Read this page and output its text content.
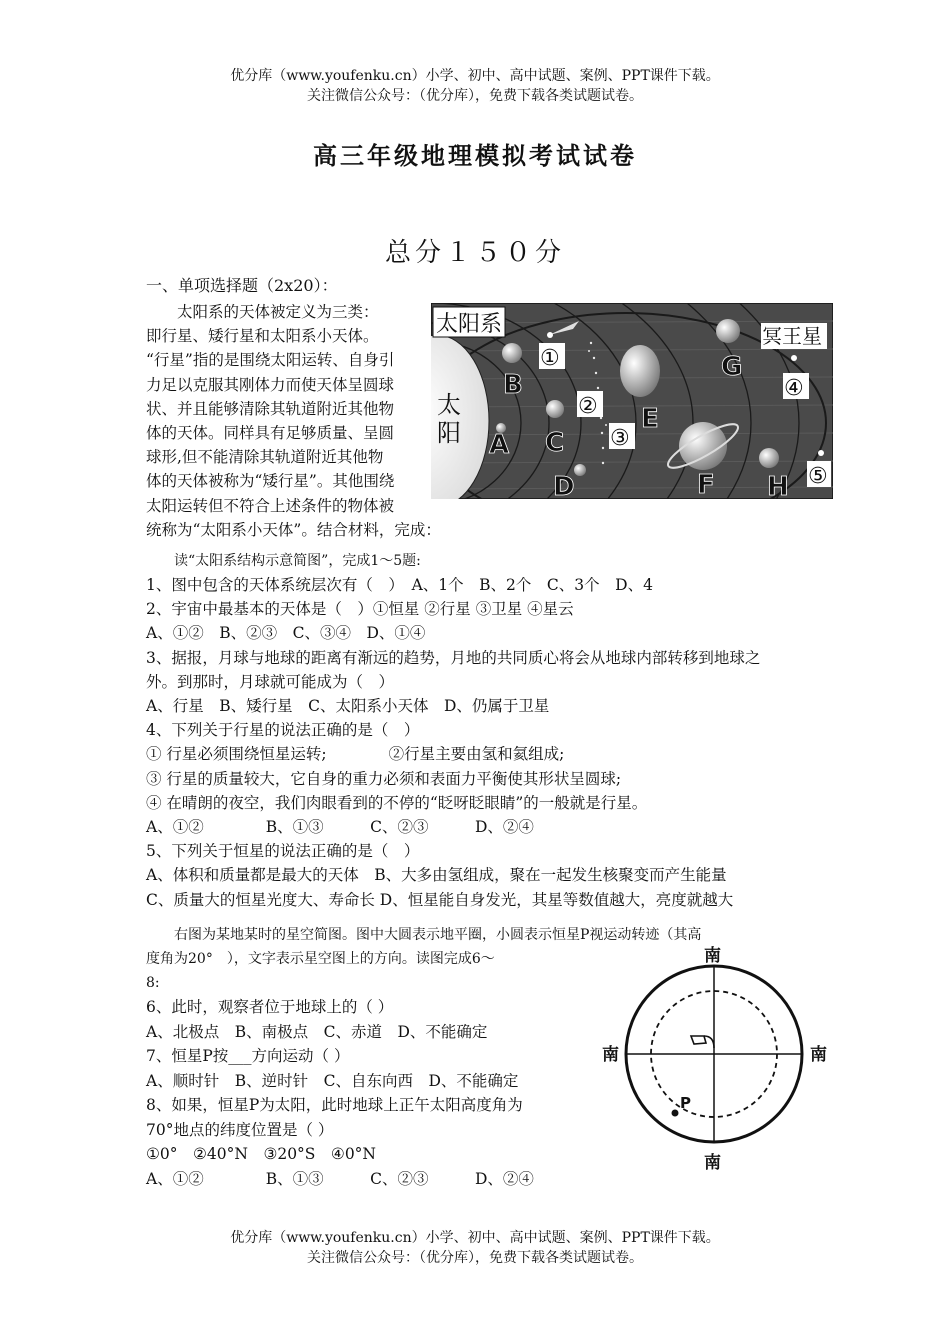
优分库（www.youfenku.cn）小学、初中、高中试题、案例、PPT课件下载。
关注微信公众号：（优分库），免费下载各类试题试卷。
高三年级地理模拟考试试卷
总分１５０分
一、单项选择题（2x20）：
　　太阳系的天体被定义为三类：
即行星、矮行星和太阳系小天体。
“行星”指的是围绕太阳运转、自身引
力足以克服其刚体力而使天体呈圆球
状、并且能够清除其轨道附近其他物
体的天体。同样具有足够质量、呈圆
球形,但不能清除其轨道附近其他物
体的天体被称为“矮行星”。其他围绕
太阳运转但不符合上述条件的物体被
统称为“太阳系小天体”。结合材料，完成：
太
阳
太阳系	冥王星
A
B
C
D
E
F
G
H
①
②
③
④
⑤
　　读“太阳系结构示意简图”，完成1～5题:
1、图中包含的天体系统层次有（　）　A、1个　B、2个　C、3个　D、4
2、宇宙中最基本的天体是（　）①恒星 ②行星 ③卫星 ④星云
A、①②　B、②③　C、③④　D、①④
3、据报，月球与地球的距离有渐远的趋势，月地的共同质心将会从地球内部转移到地球之
外。到那时，月球就可能成为（　）
A、行星　B、矮行星　C、太阳系小天体　D、仍属于卫星
4、下列关于行星的说法正确的是（　）
① 行星必须围绕恒星运转;　　　　②行星主要由氢和氦组成;
③ 行星的质量较大，它自身的重力必须和表面力平衡使其形状呈圆球;
④ 在晴朗的夜空，我们肉眼看到的不停的“眨呀眨眼睛”的一般就是行星。
A、①②　　　　B、①③　　　C、②③　　　D、②④
5、下列关于恒星的说法正确的是（　）
A、体积和质量都是最大的天体　B、大多由氢组成，聚在一起发生核聚变而产生能量
C、质量大的恒星光度大、寿命长 D、恒星能自身发光，其星等数值越大，亮度就越大
　　右图为某地某时的星空简图。图中大圆表示地平圈，小圆表示恒星P视运动转迹（其高
度角为20°　），文字表示星空图上的方向。读图完成6～
8:
6、此时，观察者位于地球上的（ ）
A、北极点　B、南极点　C、赤道　D、不能确定
7、恒星P按___方向运动（ ）
A、顺时针　B、逆时针　C、自东向西　D、不能确定
8、如果，恒星P为太阳，此时地球上正午太阳高度角为
70°地点的纬度位置是（ ）
①0°　②40°N　③20°S　④0°N
A、①②　　　　B、①③　　　C、②③　　　D、②④
P
南
南	南
南
优分库（www.youfenku.cn）小学、初中、高中试题、案例、PPT课件下载。
关注微信公众号：（优分库），免费下载各类试题试卷。
